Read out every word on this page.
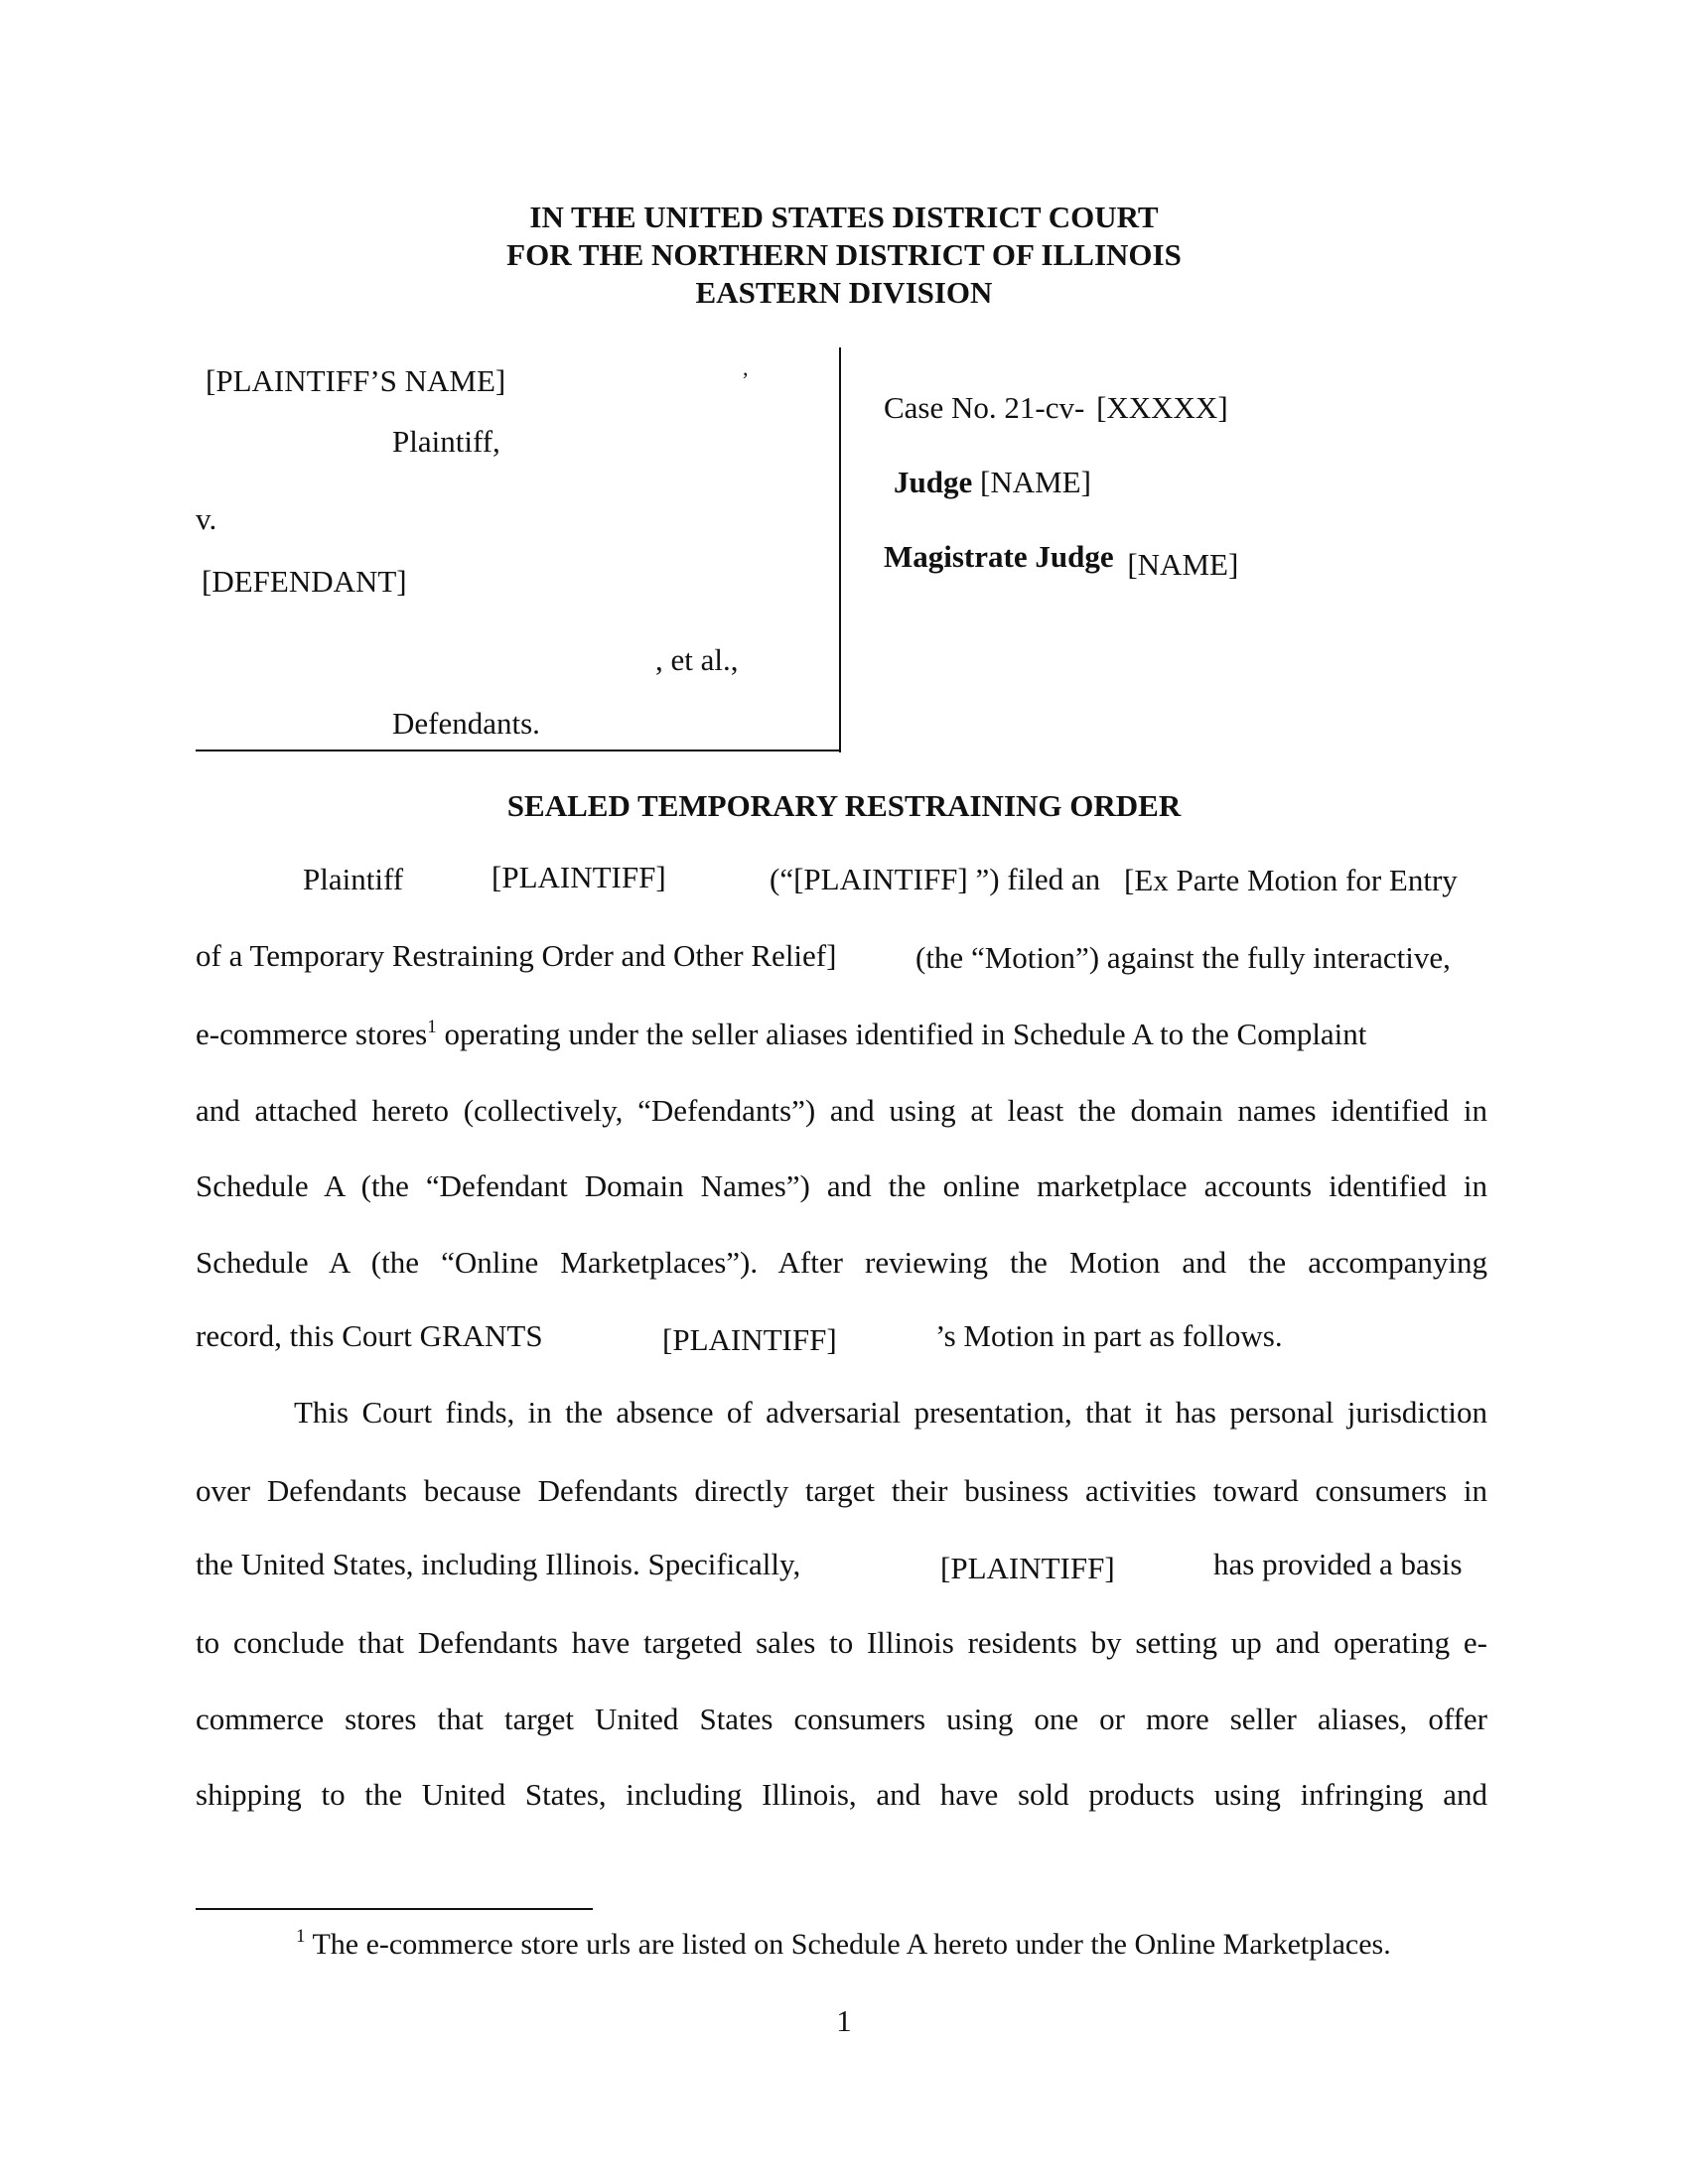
IN THE UNITED STATES DISTRICT COURT
FOR THE NORTHERN DISTRICT OF ILLINOIS
EASTERN DIVISION
[PLAINTIFF’S NAME]	,
Plaintiff,
v.
[DEFENDANT]
, et al.,
Defendants.
Case No. 21-cv- [XXXXX]
Judge [NAME]
Magistrate Judge [NAME]
SEALED TEMPORARY RESTRAINING ORDER
Plaintiff	[PLAINTIFF]	(“[PLAINTIFF] ”) filed an [Ex Parte Motion for Entry
of a Temporary Restraining Order and Other Relief]	(the “Motion”) against the fully interactive,
e-commerce stores$^1$ operating under the seller aliases identified in Schedule A to the Complaint
and attached hereto (collectively, “Defendants”) and using at least the domain names identified in
Schedule A (the “Defendant Domain Names”) and the online marketplace accounts identified in
Schedule A (the “Online Marketplaces”). After reviewing the Motion and the accompanying
record, this Court GRANTS	[PLAINTIFF]	’s Motion in part as follows.
This Court finds, in the absence of adversarial presentation, that it has personal jurisdiction
over Defendants because Defendants directly target their business activities toward consumers in
the United States, including Illinois. Specifically,	[PLAINTIFF]	has provided a basis
to conclude that Defendants have targeted sales to Illinois residents by setting up and operating e-
commerce stores that target United States consumers using one or more seller aliases, offer
shipping to the United States, including Illinois, and have sold products using infringing and
$^1$ The e-commerce store urls are listed on Schedule A hereto under the Online Marketplaces.
1
